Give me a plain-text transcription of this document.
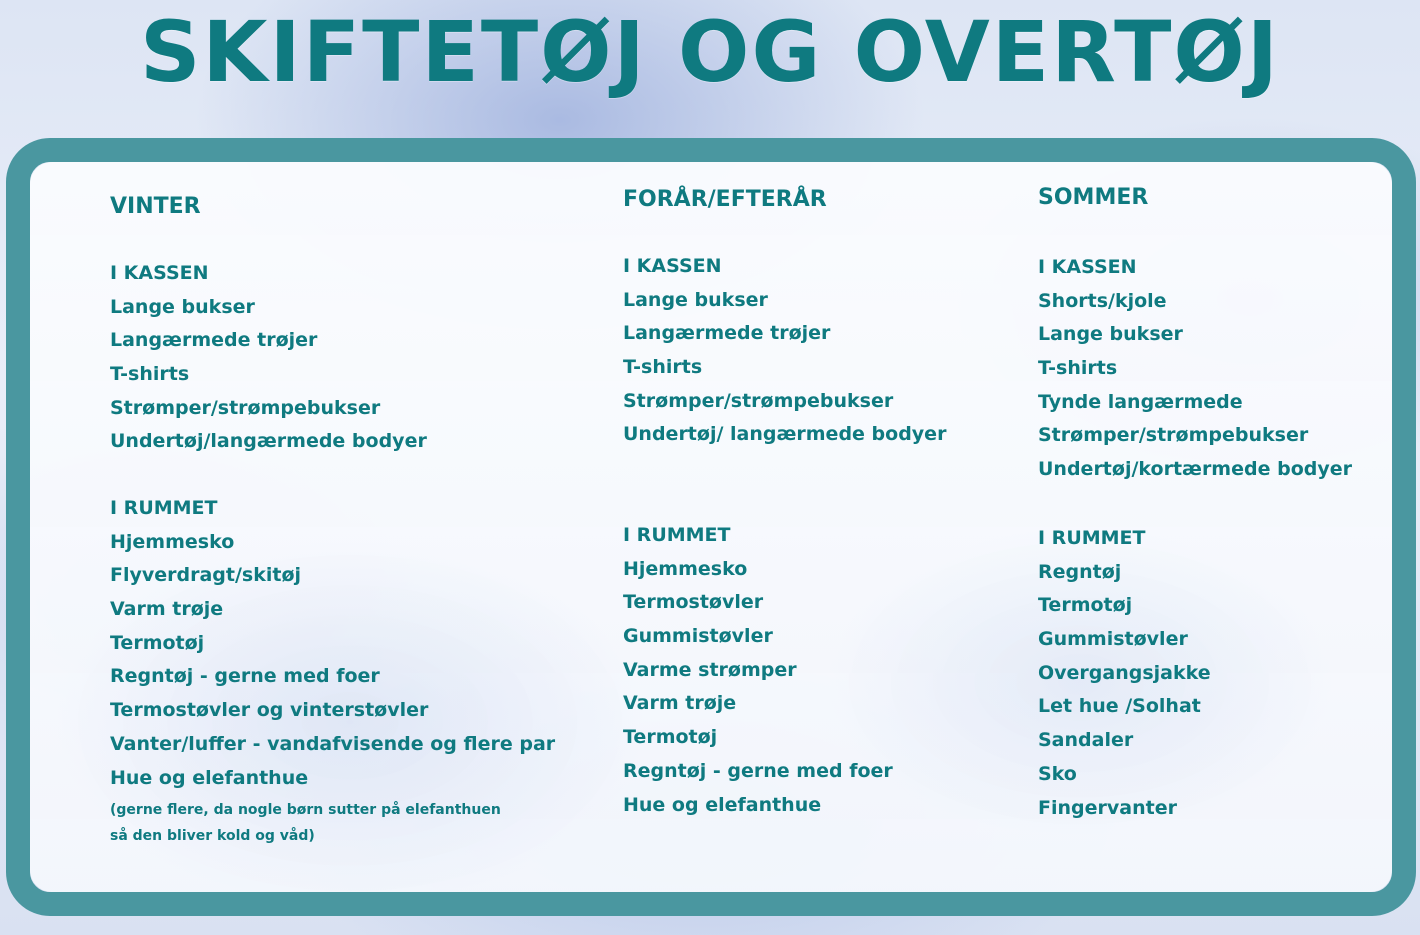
SKIFTETØJ OG OVERTØJ
VINTER
I KASSEN
Lange bukser
Langærmede trøjer
T-shirts
Strømper/strømpebukser
Undertøj/langærmede bodyer
I RUMMET
Hjemmesko
Flyverdragt/skitøj
Varm trøje
Termotøj
Regntøj - gerne med foer
Termostøvler og vinterstøvler
Vanter/luffer - vandafvisende og flere par
Hue og elefanthue
(gerne flere, da nogle børn sutter på elefanthuen
så den bliver kold og våd)
FORÅR/EFTERÅR
I KASSEN
Lange bukser
Langærmede trøjer
T-shirts
Strømper/strømpebukser
Undertøj/ langærmede bodyer
I RUMMET
Hjemmesko
Termostøvler
Gummistøvler
Varme strømper
Varm trøje
Termotøj
Regntøj - gerne med foer
Hue og elefanthue
SOMMER
I KASSEN
Shorts/kjole
Lange bukser
T-shirts
Tynde langærmede
Strømper/strømpebukser
Undertøj/kortærmede bodyer
I RUMMET
Regntøj
Termotøj
Gummistøvler
Overgangsjakke
Let hue /Solhat
Sandaler
Sko
Fingervanter
